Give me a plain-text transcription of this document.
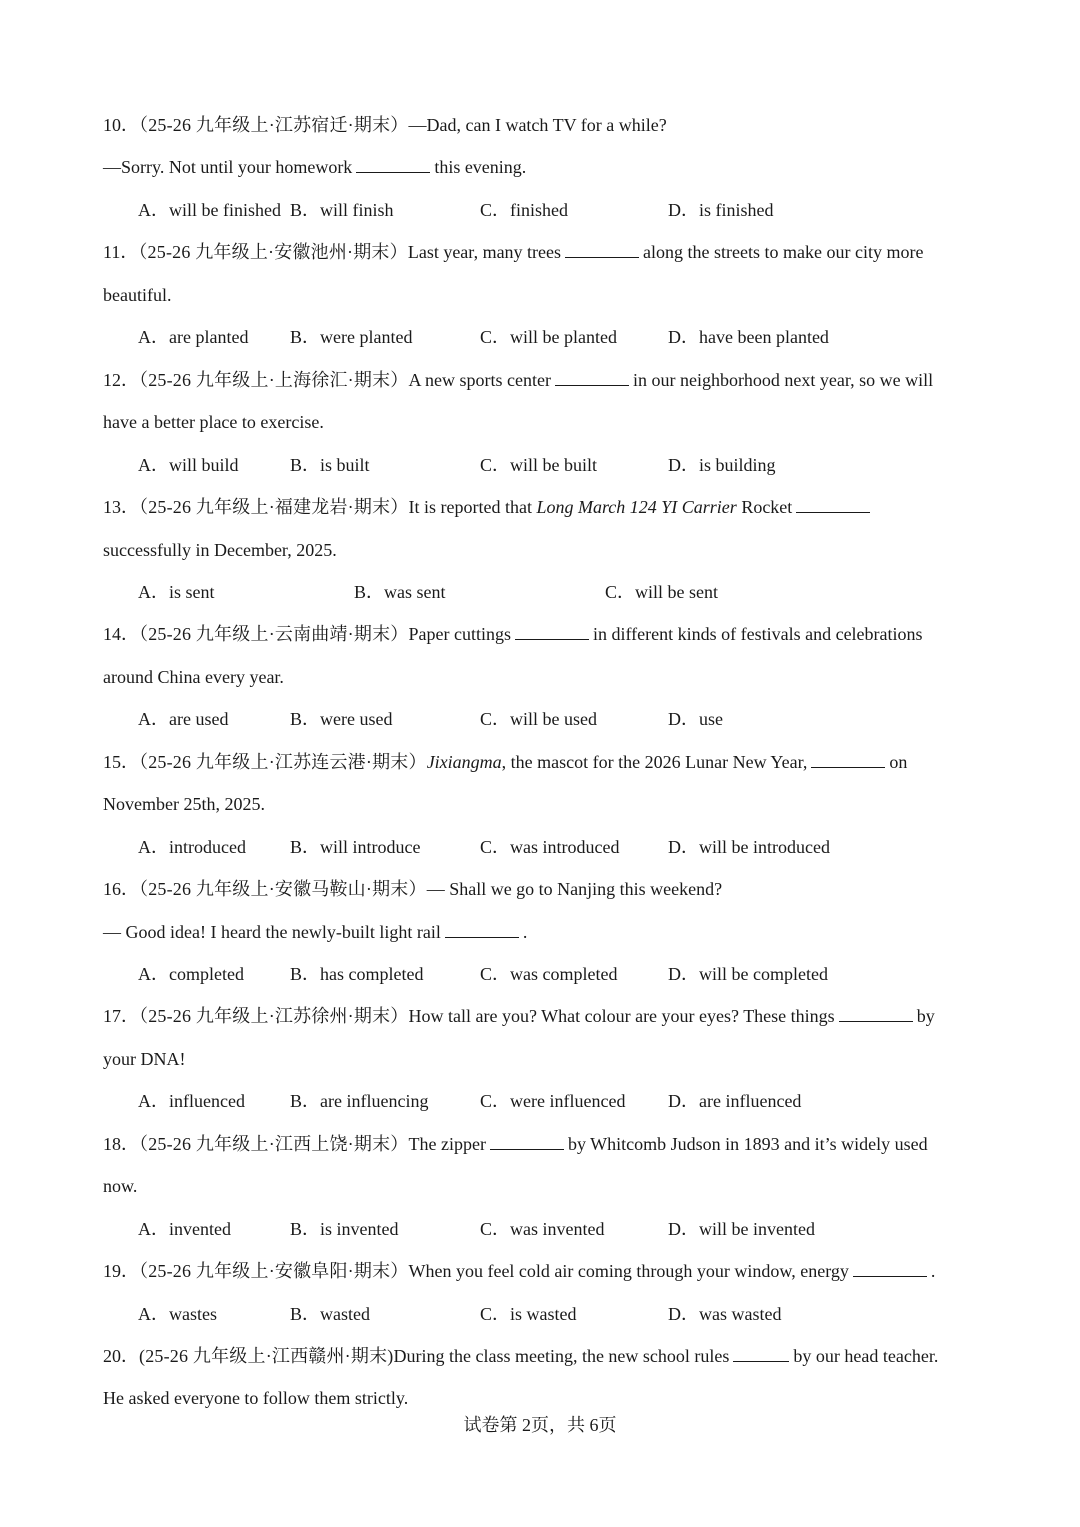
10．（25-26 九年级上·江苏宿迁·期末）—Dad, can I watch TV for a while?
—Sorry. Not until your homework	this evening.
A．will be finished B．will finish	C．finished	D．is finished
11．（25-26 九年级上·安徽池州·期末）Last year, many trees	along the streets to make our city more
beautiful.
A．are planted B．were planted	C．will be planted	D．have been planted
12．（25-26 九年级上·上海徐汇·期末）A new sports center	in our neighborhood next year, so we will
have a better place to exercise.
A．will build	B．is built	C．will be built	D．is building
13．（25-26 九年级上·福建龙岩·期末）It is reported that Long March 124 YI Carrier Rocket
successfully in December, 2025.
A．is sent	B．was sent	C．will be sent
14．（25-26 九年级上·云南曲靖·期末）Paper cuttings	in different kinds of festivals and celebrations
around China every year.
A．are used	B．were used	C．will be used	D．use
15．（25-26 九年级上·江苏连云港·期末）Jixiangma, the mascot for the 2026 Lunar New Year,	on
November 25th, 2025.
A．introduced B．will introduce	C．was introduced	D．will be introduced
16．（25-26 九年级上·安徽马鞍山·期末）— Shall we go to Nanjing this weekend?
— Good idea! I heard the newly-built light rail	.
A．completed	B．has completed	C．was completed	D．will be completed
17．（25-26 九年级上·江苏徐州·期末）How tall are you? What colour are your eyes? These things	by
your DNA!
A．influenced	B．are influencing	C．were influenced D．are influenced
18．（25-26 九年级上·江西上饶·期末）The zipper	by Whitcomb Judson in 1893 and it’s widely used
now.
A．invented	B．is invented	C．was invented	D．will be invented
19．（25-26 九年级上·安徽阜阳·期末）When you feel cold air coming through your window, energy	.
A．wastes	B．wasted	C．is wasted	D．was wasted
20．(25-26 九年级上·江西赣州·期末)During the class meeting, the new school rules	by our head teacher.
He asked everyone to follow them strictly.
试卷第 2页，共 6页
